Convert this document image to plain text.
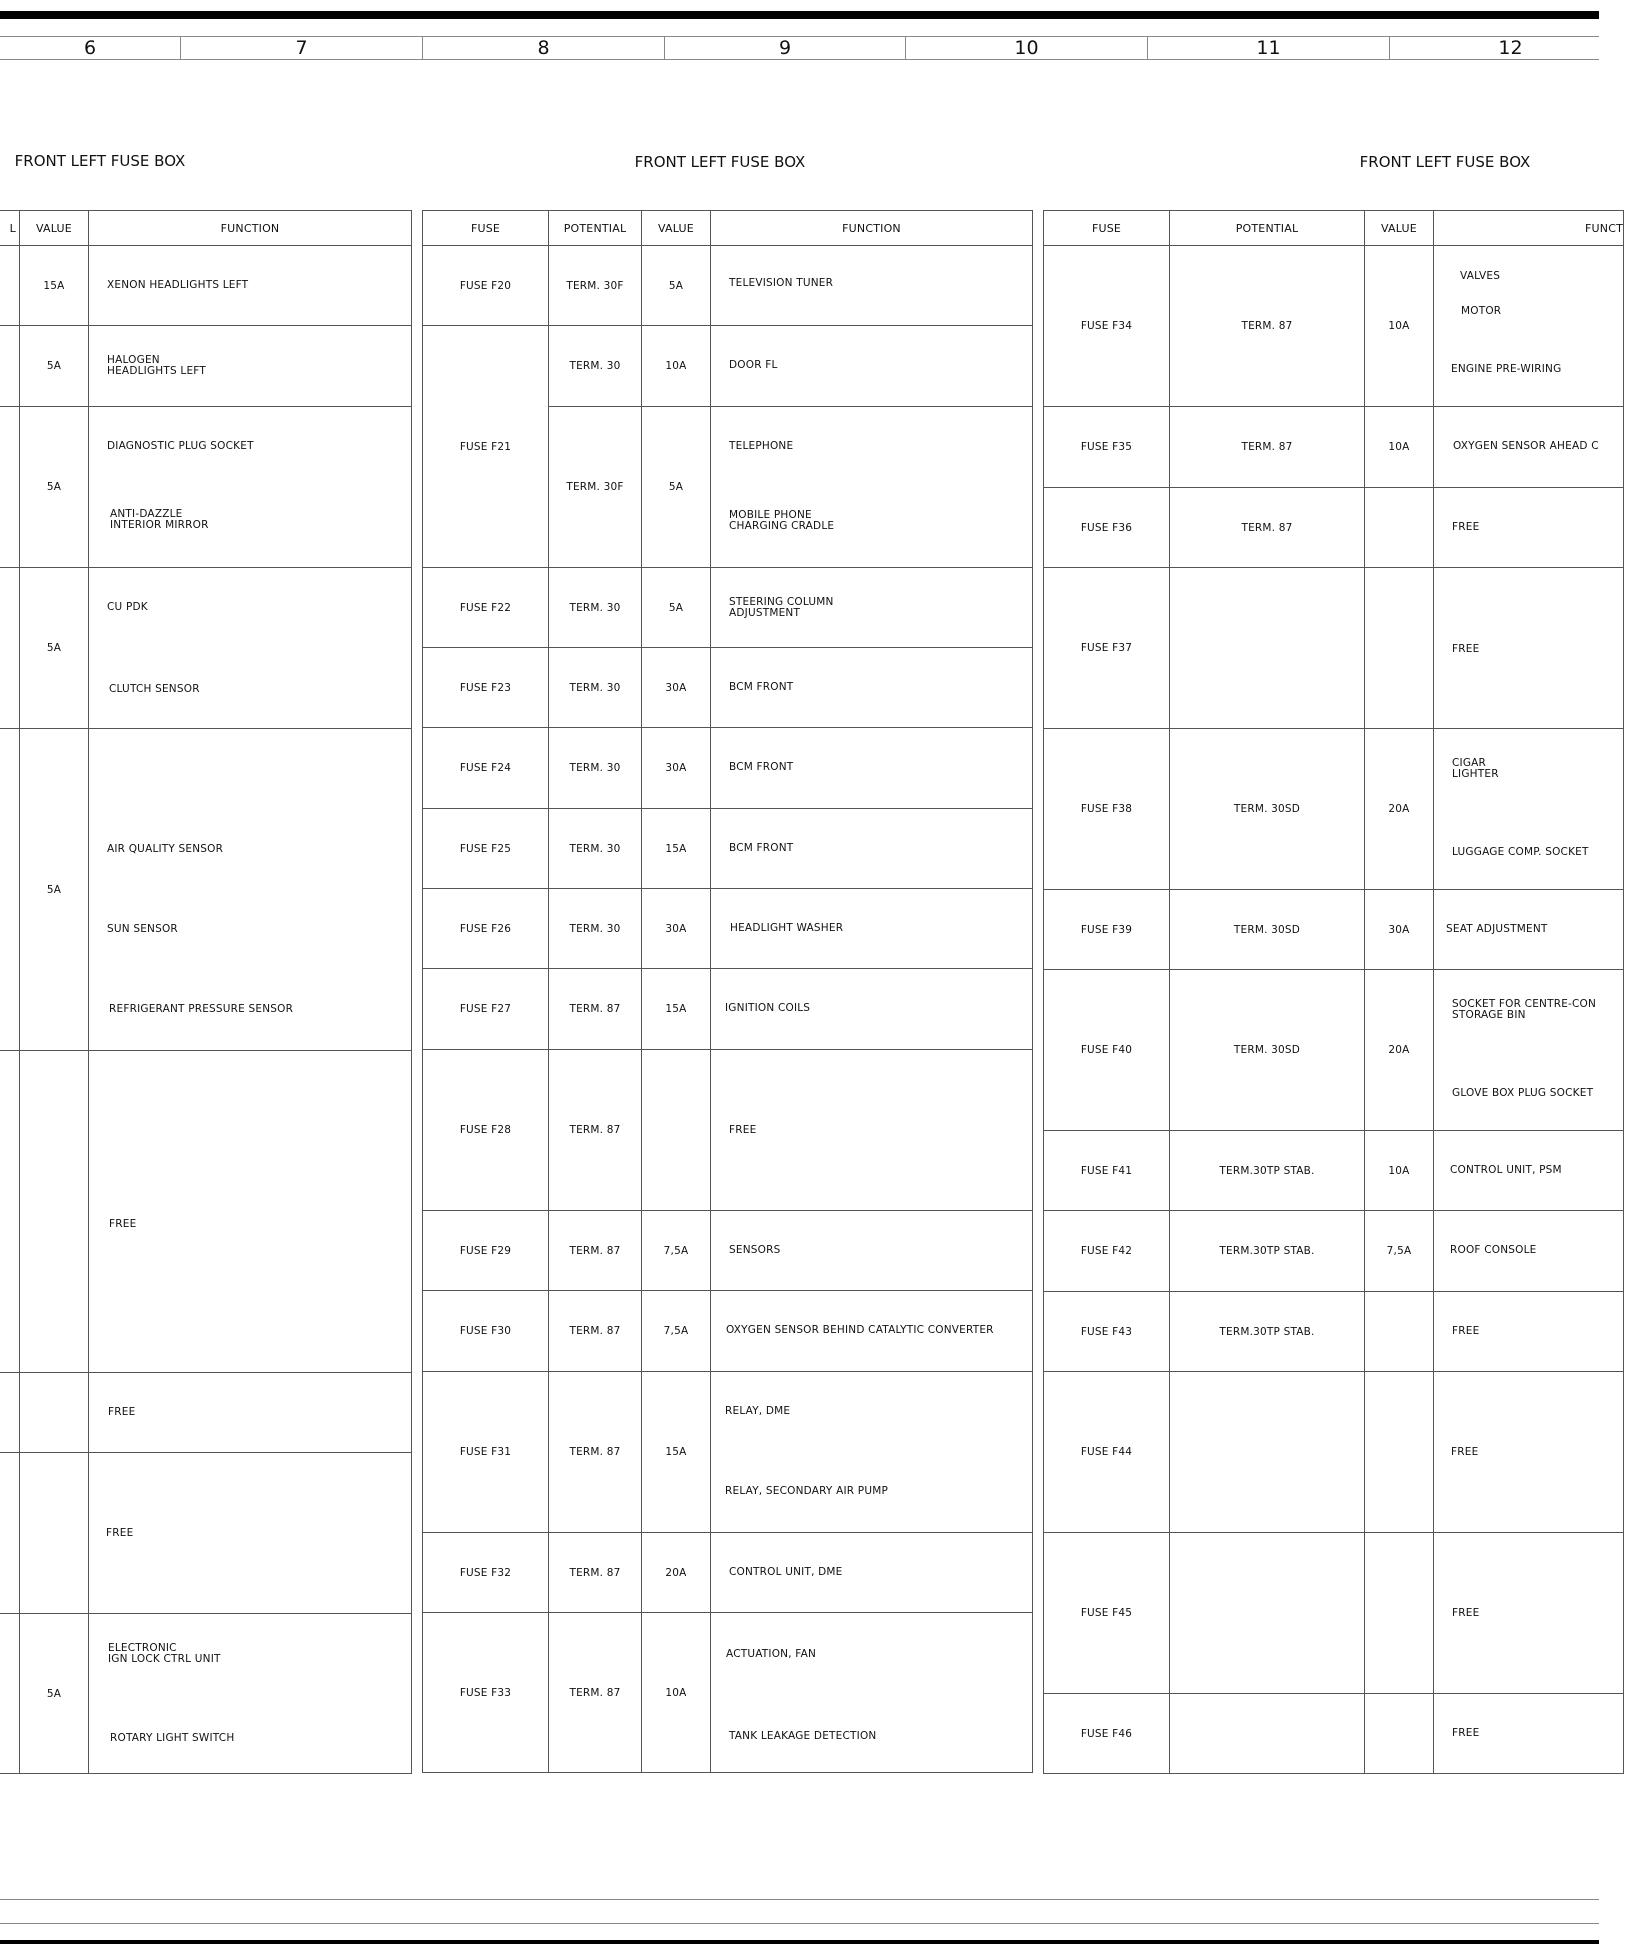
6	7	8	9	10	11	12
FRONT LEFT FUSE BOX	FRONT LEFT FUSE BOX	FRONT LEFT FUSE BOX
L	VALUE	FUNCTION
	15A	XENON HEADLIGHTS LEFT

	5A	HALOGEN
HEADLIGHTS LEFT

	5A	DIAGNOSTIC PLUG SOCKET
ANTI-DAZZLE
INTERIOR MIRROR

	5A	CU PDK
CLUTCH SENSOR

	5A	AIR QUALITY SENSOR
SUN SENSOR
REFRIGERANT PRESSURE SENSOR

		FREE

		FREE

		FREE

	5A	ELECTRONIC
IGN LOCK CTRL UNIT
ROTARY LIGHT SWITCH
FUSE	POTENTIAL	VALUE	FUNCTION
FUSE F20	TERM. 30F	5A	TELEVISION TUNER

FUSE F21	TERM. 30	10A	DOOR FL

	TERM. 30F	5A	TELEPHONE
MOBILE PHONE
CHARGING CRADLE

FUSE F22	TERM. 30	5A	STEERING COLUMN
ADJUSTMENT

FUSE F23	TERM. 30	30A	BCM FRONT

FUSE F24	TERM. 30	30A	BCM FRONT

FUSE F25	TERM. 30	15A	BCM FRONT

FUSE F26	TERM. 30	30A	HEADLIGHT WASHER

FUSE F27	TERM. 87	15A	IGNITION COILS

FUSE F28	TERM. 87		FREE

FUSE F29	TERM. 87	7,5A	SENSORS

FUSE F30	TERM. 87	7,5A	OXYGEN SENSOR BEHIND CATALYTIC CONVERTER

FUSE F31	TERM. 87	15A	RELAY, DME
RELAY, SECONDARY AIR PUMP

FUSE F32	TERM. 87	20A	CONTROL UNIT, DME

FUSE F33	TERM. 87	10A	ACTUATION, FAN
TANK LEAKAGE DETECTION
FUSE	POTENTIAL	VALUE	FUNCT
FUSE F34	TERM. 87	10A	VALVES
MOTOR
ENGINE PRE-WIRING

FUSE F35	TERM. 87	10A	OXYGEN SENSOR AHEAD C

FUSE F36	TERM. 87		FREE

FUSE F37			FREE

FUSE F38	TERM. 30SD	20A	CIGAR
LIGHTER
LUGGAGE COMP. SOCKET

FUSE F39	TERM. 30SD	30A	SEAT ADJUSTMENT

FUSE F40	TERM. 30SD	20A	SOCKET FOR CENTRE-CON
STORAGE BIN
GLOVE BOX PLUG SOCKET

FUSE F41	TERM.30TP STAB.	10A	CONTROL UNIT, PSM

FUSE F42	TERM.30TP STAB.	7,5A	ROOF CONSOLE

FUSE F43	TERM.30TP STAB.		FREE

FUSE F44			FREE

FUSE F45			FREE

FUSE F46			FREE
